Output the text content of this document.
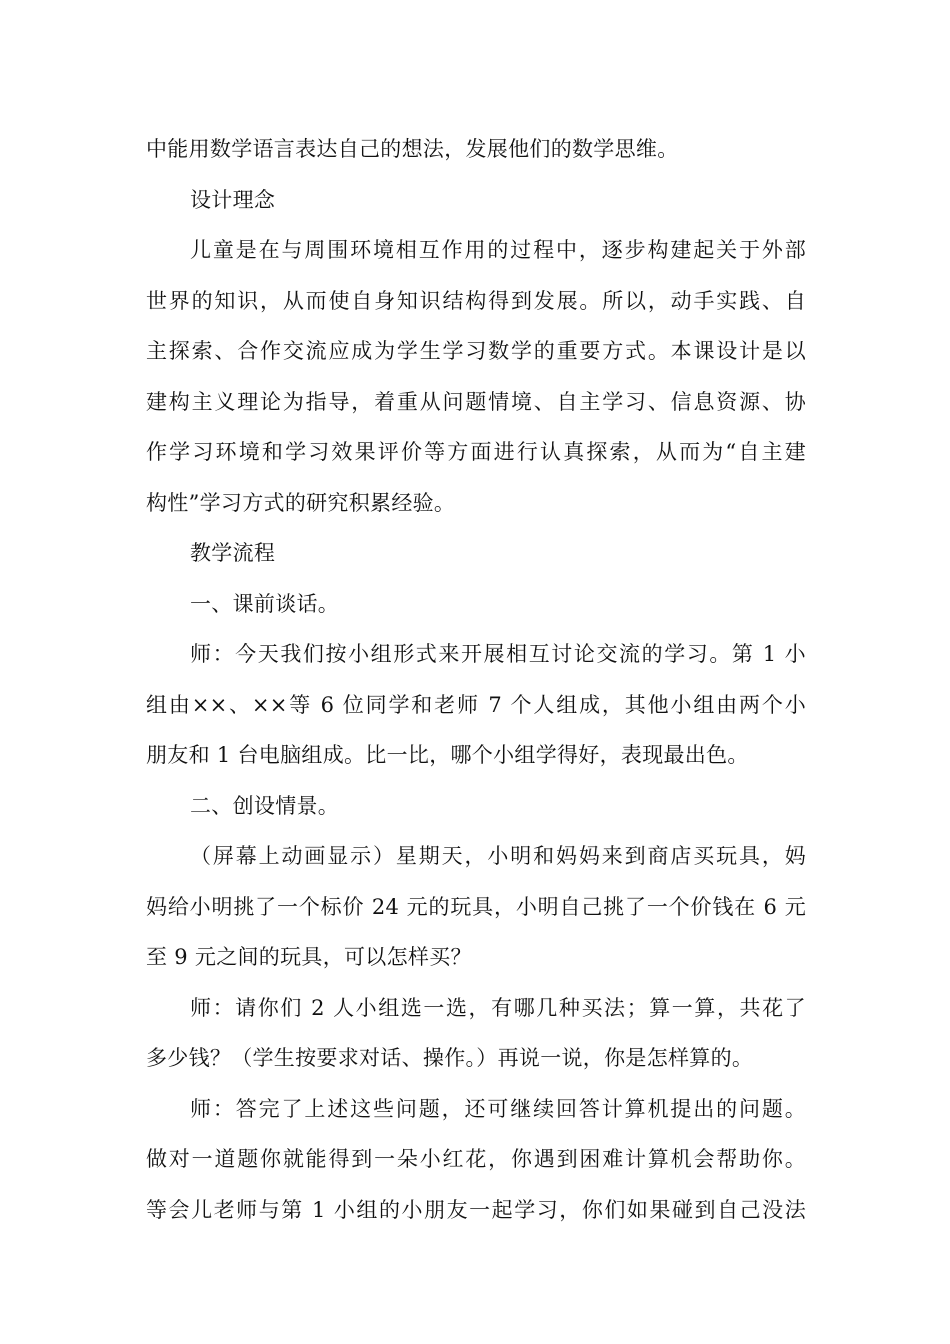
中能用数学语言表达自己的想法，发展他们的数学思维。
设计理念
儿童是在与周围环境相互作用的过程中，逐步构建起关于外部
世界的知识，从而使自身知识结构得到发展。所以，动手实践、自
主探索、合作交流应成为学生学习数学的重要方式。本课设计是以
建构主义理论为指导，着重从问题情境、自主学习、信息资源、协
作学习环境和学习效果评价等方面进行认真探索，从而为“自主建
构性”学习方式的研究积累经验。
教学流程
一、课前谈话。
师：今天我们按小组形式来开展相互讨论交流的学习。第 1 小
组由××、××等 6 位同学和老师 7 个人组成，其他小组由两个小
朋友和 1 台电脑组成。比一比，哪个小组学得好，表现最出色。
二、创设情景。
（屏幕上动画显示）星期天，小明和妈妈来到商店买玩具，妈
妈给小明挑了一个标价 24 元的玩具，小明自己挑了一个价钱在 6 元
至 9 元之间的玩具，可以怎样买？
师：请你们 2 人小组选一选，有哪几种买法；算一算，共花了
多少钱？（学生按要求对话、操作。）再说一说，你是怎样算的。
师：答完了上述这些问题，还可继续回答计算机提出的问题。
做对一道题你就能得到一朵小红花，你遇到困难计算机会帮助你。
等会儿老师与第 1 小组的小朋友一起学习，你们如果碰到自己没法
